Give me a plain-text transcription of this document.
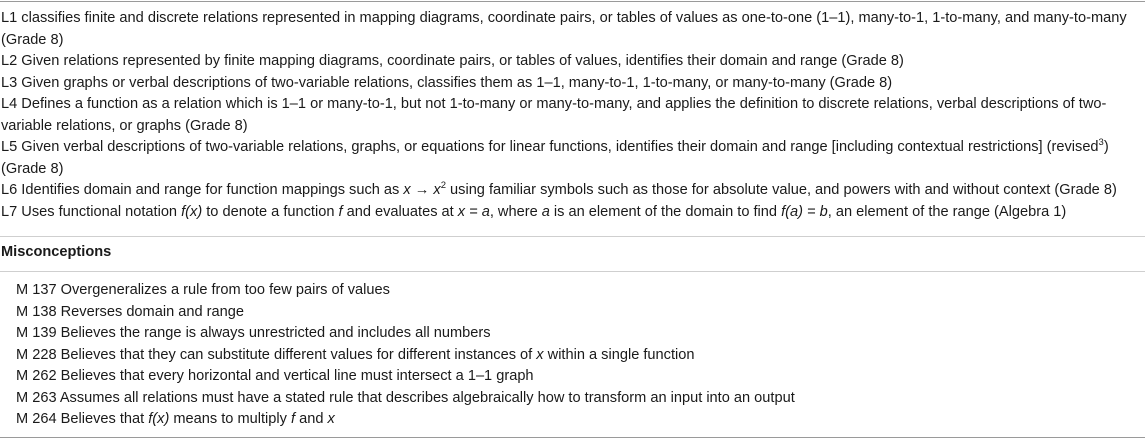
L1 classifies finite and discrete relations represented in mapping diagrams, coordinate pairs, or tables of values as one-to-one (1–1), many-to-1, 1-to-many, and many-to-many (Grade 8)

L2 Given relations represented by finite mapping diagrams, coordinate pairs, or tables of values, identifies their domain and range (Grade 8)

L3 Given graphs or verbal descriptions of two-variable relations, classifies them as 1–1, many-to-1, 1-to-many, or many-to-many (Grade 8)

L4 Defines a function as a relation which is 1–1 or many-to-1, but not 1-to-many or many-to-many, and applies the definition to discrete relations, verbal descriptions of two-variable relations, or graphs (Grade 8)

L5 Given verbal descriptions of two-variable relations, graphs, or equations for linear functions, identifies their domain and range [including contextual restrictions] (revised$^3$) (Grade 8)

L6 Identifies domain and range for function mappings such as $x \to x^2$ using familiar symbols such as those for absolute value, and powers with and without context (Grade 8)

L7 Uses functional notation f(x) to denote a function f and evaluates at x = a, where a is an element of the domain to find f(a) = b, an element of the range (Algebra 1)

Misconceptions

M 137 Overgeneralizes a rule from too few pairs of values

M 138 Reverses domain and range

M 139 Believes the range is always unrestricted and includes all numbers

M 228 Believes that they can substitute different values for different instances of x within a single function

M 262 Believes that every horizontal and vertical line must intersect a 1–1 graph

M 263 Assumes all relations must have a stated rule that describes algebraically how to transform an input into an output

M 264 Believes that f(x) means to multiply f and x
